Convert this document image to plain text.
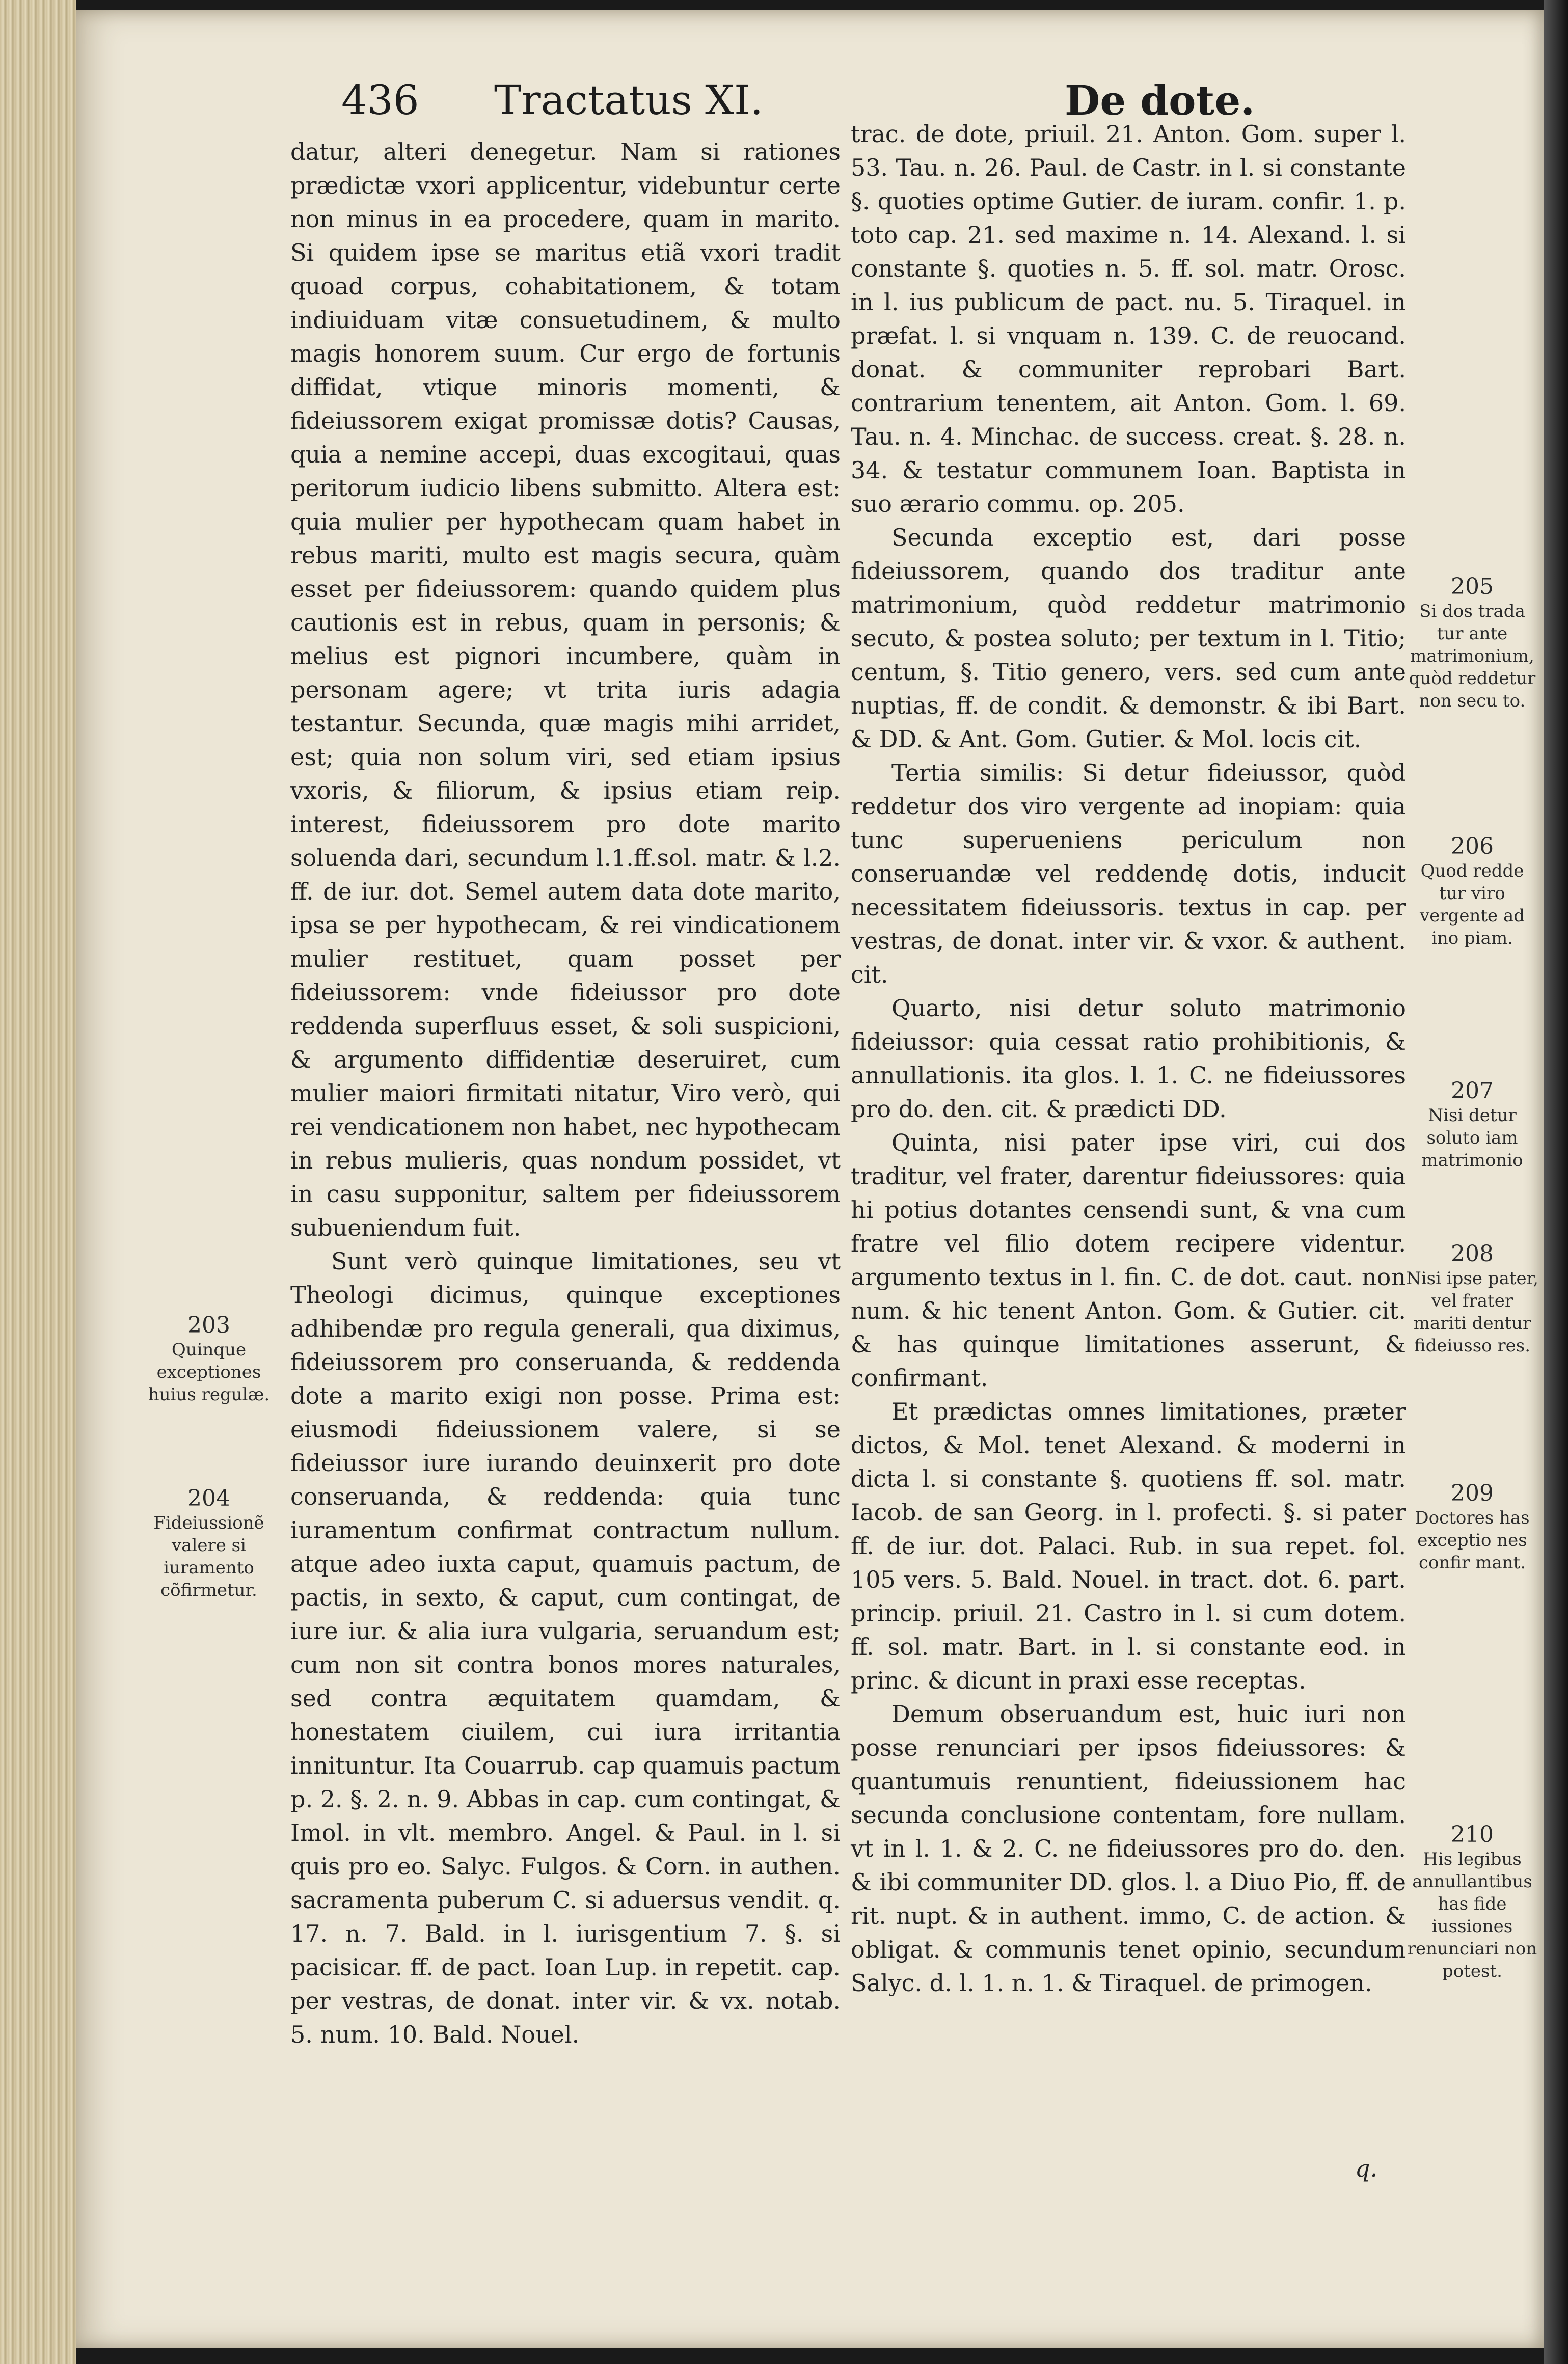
436 Tractatus XI.	De dote.

datur, alteri denegetur. Nam si rationes prædictæ vxori applicentur, videbuntur certe non minus in ea procedere, quam in marito. Si quidem ipse se maritus etiã vxori tradit quoad corpus, cohabitationem, & totam indiuiduam vitæ consuetudinem, & multo magis honorem suum. Cur ergo de fortunis diffidat, vtique minoris momenti, & fideiussorem exigat promissæ dotis? Causas, quia a nemine accepi, duas excogitaui, quas peritorum iudicio libens submitto. Altera est: quia mulier per hypothecam quam habet in rebus mariti, multo est magis secura, quàm esset per fideiussorem: quando quidem plus cautionis est in rebus, quam in personis; & melius est pignori incumbere, quàm in personam agere; vt trita iuris adagia testantur. Secunda, quæ magis mihi arridet, est; quia non solum viri, sed etiam ipsius vxoris, & filiorum, & ipsius etiam reip. interest, fideiussorem pro dote marito soluenda dari, secundum l.1.ff.sol. matr. & l.2. ff. de iur. dot. Semel autem data dote marito, ipsa se per hypothecam, & rei vindicationem mulier restituet, quam posset per fideiussorem: vnde fideiussor pro dote reddenda superfluus esset, & soli suspicioni, & argumento diffidentiæ deseruiret, cum mulier maiori firmitati nitatur, Viro verò, qui rei vendicationem non habet, nec hypothecam in rebus mulieris, quas nondum possidet, vt in casu supponitur, saltem per fideiussorem subueniendum fuit.

Sunt verò quinque limitationes, seu vt Theologi dicimus, quinque exceptiones adhibendæ pro regula generali, qua diximus, fideiussorem pro conseruanda, & reddenda dote a marito exigi non posse. Prima est: eiusmodi fideiussionem valere, si se fideiussor iure iurando deuinxerit pro dote conseruanda, & reddenda: quia tunc iuramentum confirmat contractum nullum. atque adeo iuxta caput, quamuis pactum, de pactis, in sexto, & caput, cum contingat, de iure iur. & alia iura vulgaria, seruandum est; cum non sit contra bonos mores naturales, sed contra æquitatem quamdam, & honestatem ciuilem, cui iura irritantia innituntur. Ita Couarrub. cap quamuis pactum p. 2. §. 2. n. 9. Abbas in cap. cum contingat, & Imol. in vlt. membro. Angel. & Paul. in l. si quis pro eo. Salyc. Fulgos. & Corn. in authen. sacramenta puberum C. si aduersus vendit. q. 17. n. 7. Bald. in l. iurisgentium 7. §. si pacisicar. ff. de pact. Ioan Lup. in repetit. cap. per vestras, de donat. inter vir. & vx. notab. 5. num. 10. Bald. Nouel.

trac. de dote, priuil. 21. Anton. Gom. super l. 53. Tau. n. 26. Paul. de Castr. in l. si constante §. quoties optime Gutier. de iuram. confir. 1. p. toto cap. 21. sed maxime n. 14. Alexand. l. si constante §. quoties n. 5. ff. sol. matr. Orosc. in l. ius publicum de pact. nu. 5. Tiraquel. in præfat. l. si vnquam n. 139. C. de reuocand. donat. & communiter reprobari Bart. contrarium tenentem, ait Anton. Gom. l. 69. Tau. n. 4. Minchac. de success. creat. §. 28. n. 34. & testatur communem Ioan. Baptista in suo ærario commu. op. 205.

Secunda exceptio est, dari posse fideiussorem, quando dos traditur ante matrimonium, quòd reddetur matrimonio secuto, & postea soluto; per textum in l. Titio; centum, §. Titio genero, vers. sed cum ante nuptias, ff. de condit. & demonstr. & ibi Bart. & DD. & Ant. Gom. Gutier. & Mol. locis cit.

Tertia similis: Si detur fideiussor, quòd reddetur dos viro vergente ad inopiam: quia tunc superueniens periculum non conseruandæ vel reddendę dotis, inducit necessitatem fideiussoris. textus in cap. per vestras, de donat. inter vir. & vxor. & authent. cit.

Quarto, nisi detur soluto matrimonio fideiussor: quia cessat ratio prohibitionis, & annullationis. ita glos. l. 1. C. ne fideiussores pro do. den. cit. & prædicti DD.

Quinta, nisi pater ipse viri, cui dos traditur, vel frater, darentur fideiussores: quia hi potius dotantes censendi sunt, & vna cum fratre vel filio dotem recipere videntur. argumento textus in l. fin. C. de dot. caut. non num. & hic tenent Anton. Gom. & Gutier. cit. & has quinque limitationes asserunt, & confirmant.

Et prædictas omnes limitationes, præter dictos, & Mol. tenet Alexand. & moderni in dicta l. si constante §. quotiens ff. sol. matr. Iacob. de san Georg. in l. profecti. §. si pater ff. de iur. dot. Palaci. Rub. in sua repet. fol. 105 vers. 5. Bald. Nouel. in tract. dot. 6. part. princip. priuil. 21. Castro in l. si cum dotem. ff. sol. matr. Bart. in l. si constante eod. in princ. & dicunt in praxi esse receptas.

Demum obseruandum est, huic iuri non posse renunciari per ipsos fideiussores: & quantumuis renuntient, fideiussionem hac secunda conclusione contentam, fore nullam. vt in l. 1. & 2. C. ne fideiussores pro do. den. & ibi communiter DD. glos. l. a Diuo Pio, ff. de rit. nupt. & in authent. immo, C. de action. & obligat. & communis tenet opinio, secundum Salyc. d. l. 1. n. 1. & Tiraquel. de primogen.

q.
203
Quinque exceptiones huius regulæ.
204
Fideiussionẽ valere si iuramento cõfirmetur.
205
Si dos trada tur ante matrimonium, quòd reddetur non secu to.
206
Quod redde tur viro vergente ad ino piam.
207
Nisi detur soluto iam matrimonio
208
Nisi ipse pater, vel frater mariti dentur fideiusso res.
209
Doctores has exceptio nes confir mant.
210
His legibus annullantibus has fide iussiones renunciari non potest.
